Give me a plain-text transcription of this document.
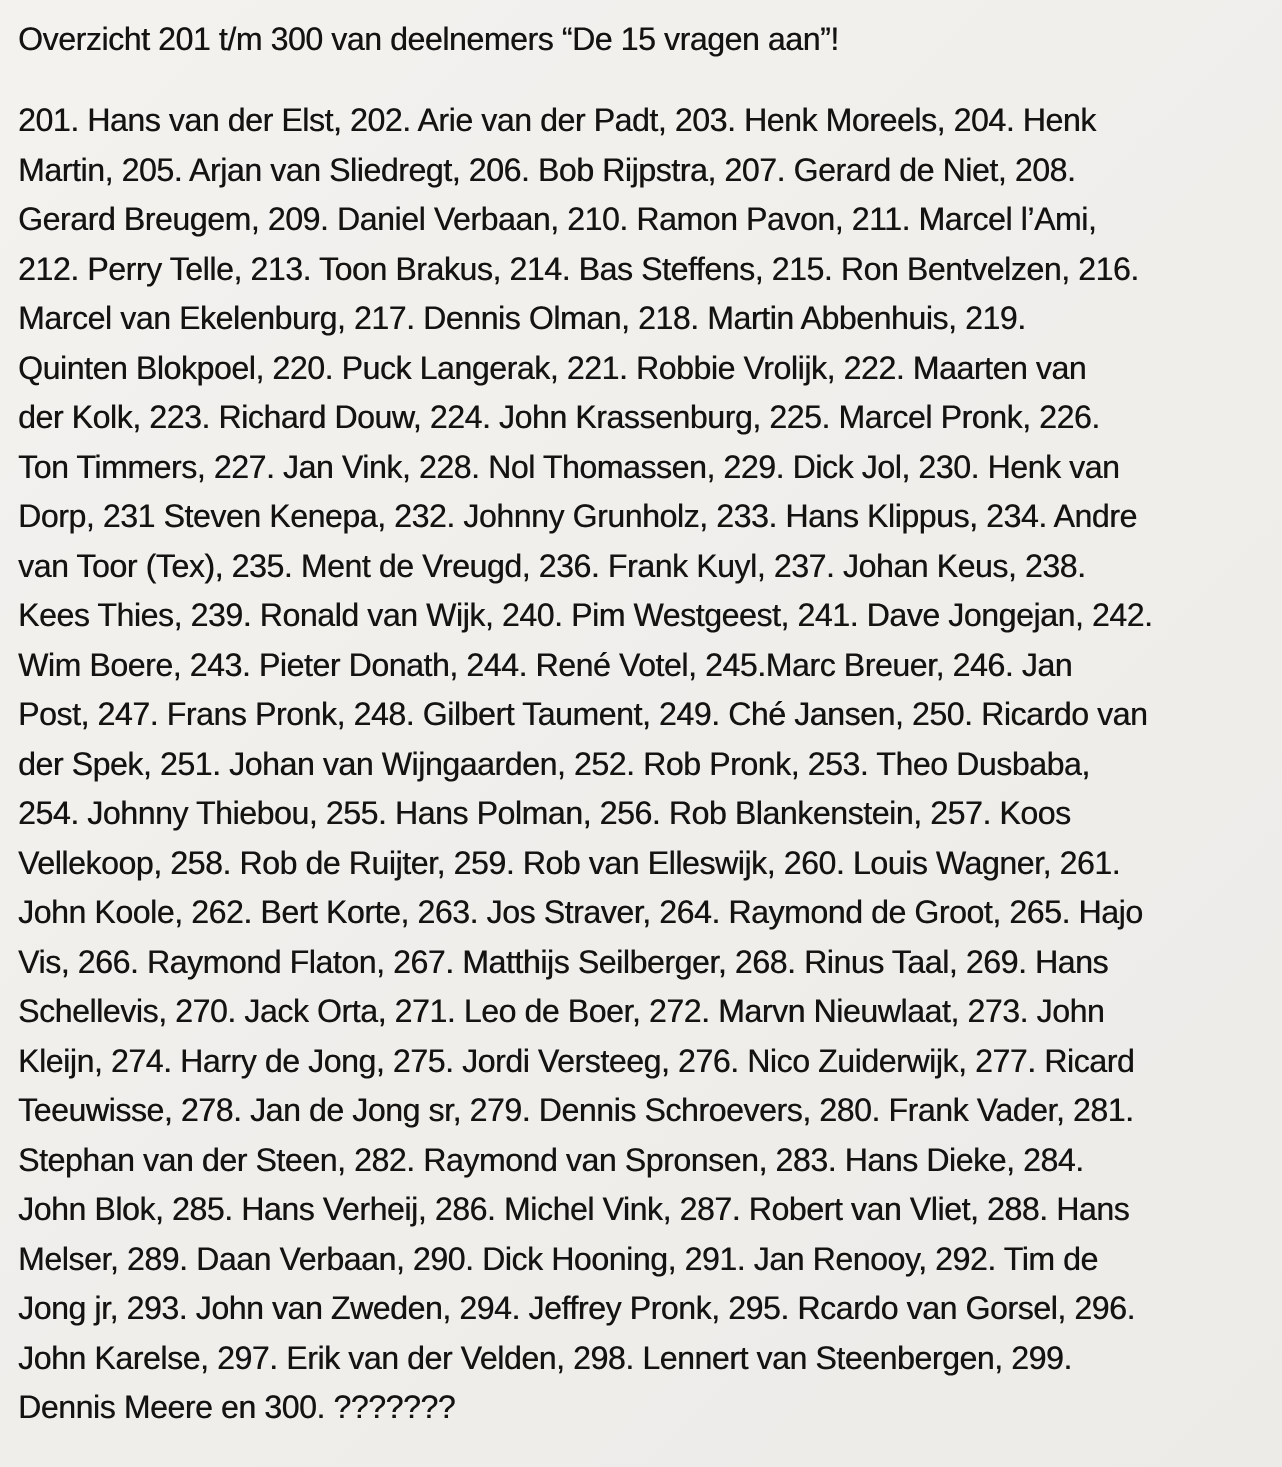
Overzicht 201 t/m 300 van deelnemers “De 15 vragen aan”!
201. Hans van der Elst, 202. Arie van der Padt, 203. Henk Moreels, 204. Henk
Martin, 205. Arjan van Sliedregt, 206. Bob Rijpstra, 207. Gerard de Niet, 208.
Gerard Breugem, 209. Daniel Verbaan, 210. Ramon Pavon, 211. Marcel l’Ami,
212. Perry Telle, 213. Toon Brakus, 214. Bas Steffens, 215. Ron Bentvelzen, 216.
Marcel van Ekelenburg, 217. Dennis Olman, 218. Martin Abbenhuis, 219.
Quinten Blokpoel, 220. Puck Langerak, 221. Robbie Vrolijk, 222. Maarten van
der Kolk, 223. Richard Douw, 224. John Krassenburg, 225. Marcel Pronk, 226.
Ton Timmers, 227. Jan Vink, 228. Nol Thomassen, 229. Dick Jol, 230. Henk van
Dorp, 231 Steven Kenepa, 232. Johnny Grunholz, 233. Hans Klippus, 234. Andre
van Toor (Tex), 235. Ment de Vreugd, 236. Frank Kuyl, 237. Johan Keus, 238.
Kees Thies, 239. Ronald van Wijk, 240. Pim Westgeest, 241. Dave Jongejan, 242.
Wim Boere, 243. Pieter Donath, 244. René Votel, 245.Marc Breuer, 246. Jan
Post, 247. Frans Pronk, 248. Gilbert Taument, 249. Ché Jansen, 250. Ricardo van
der Spek, 251. Johan van Wijngaarden, 252. Rob Pronk, 253. Theo Dusbaba,
254. Johnny Thiebou, 255. Hans Polman, 256. Rob Blankenstein, 257. Koos
Vellekoop, 258. Rob de Ruijter, 259. Rob van Elleswijk, 260. Louis Wagner, 261.
John Koole, 262. Bert Korte, 263. Jos Straver, 264. Raymond de Groot, 265. Hajo
Vis, 266. Raymond Flaton, 267. Matthijs Seilberger, 268. Rinus Taal, 269. Hans
Schellevis, 270. Jack Orta, 271. Leo de Boer, 272. Marvn Nieuwlaat, 273. John
Kleijn, 274. Harry de Jong, 275. Jordi Versteeg, 276. Nico Zuiderwijk, 277. Ricard
Teeuwisse, 278. Jan de Jong sr, 279. Dennis Schroevers, 280. Frank Vader, 281.
Stephan van der Steen, 282. Raymond van Spronsen, 283. Hans Dieke, 284.
John Blok, 285. Hans Verheij, 286. Michel Vink, 287. Robert van Vliet, 288. Hans
Melser, 289. Daan Verbaan, 290. Dick Hooning, 291. Jan Renooy, 292. Tim de
Jong jr, 293. John van Zweden, 294. Jeffrey Pronk, 295. Rcardo van Gorsel, 296.
John Karelse, 297. Erik van der Velden, 298. Lennert van Steenbergen, 299.
Dennis Meere en 300. ???????
